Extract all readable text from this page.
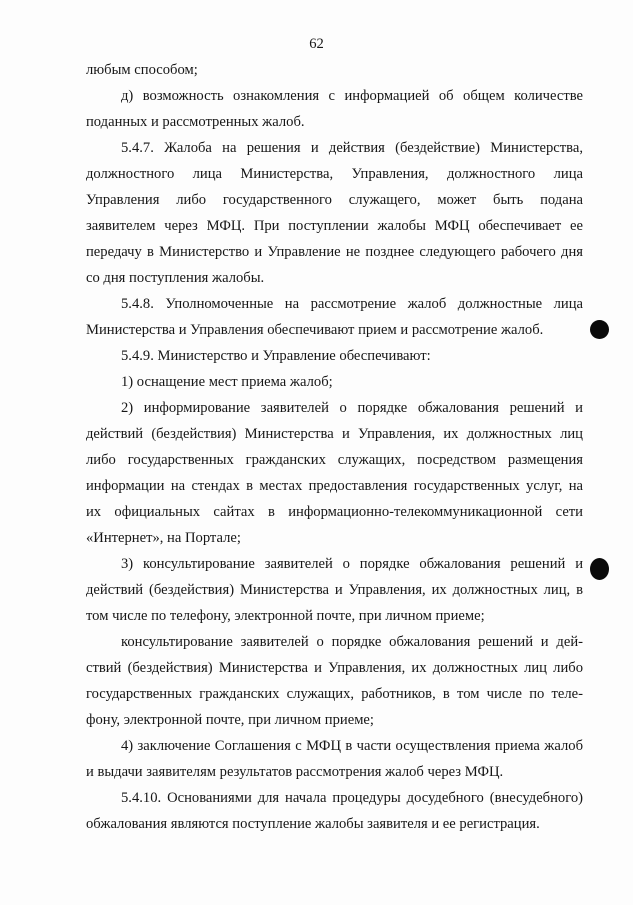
62
любым способом;
д) возможность ознакомления с информацией об общем количестве
поданных и рассмотренных жалоб.
5.4.7. Жалоба на решения и действия (бездействие) Министерства,
должностного лица Министерства, Управления, должностного лица
Управления либо государственного служащего, может быть подана
заявителем через МФЦ. При поступлении жалобы МФЦ обеспечивает ее
передачу в Министерство и Управление не позднее следующего рабочего дня
со дня поступления жалобы.
5.4.8. Уполномоченные на рассмотрение жалоб должностные лица
Министерства и Управления обеспечивают прием и рассмотрение жалоб.
5.4.9. Министерство и Управление обеспечивают:
1) оснащение мест приема жалоб;
2) информирование заявителей о порядке обжалования решений и
действий (бездействия) Министерства и Управления, их должностных лиц
либо государственных гражданских служащих, посредством размещения
информации на стендах в местах предоставления государственных услуг, на
их официальных сайтах в информационно-телекоммуникационной сети
«Интернет», на Портале;
3) консультирование заявителей о порядке обжалования решений и
действий (бездействия) Министерства и Управления, их должностных лиц, в
том числе по телефону, электронной почте, при личном приеме;
консультирование заявителей о порядке обжалования решений и дей-
ствий (бездействия) Министерства и Управления, их должностных лиц либо
государственных гражданских служащих, работников, в том числе по теле-
фону, электронной почте, при личном приеме;
4) заключение Соглашения с МФЦ в части осуществления приема жалоб
и выдачи заявителям результатов рассмотрения жалоб через МФЦ.
5.4.10. Основаниями для начала процедуры досудебного (внесудебного)
обжалования являются поступление жалобы заявителя и ее регистрация.
